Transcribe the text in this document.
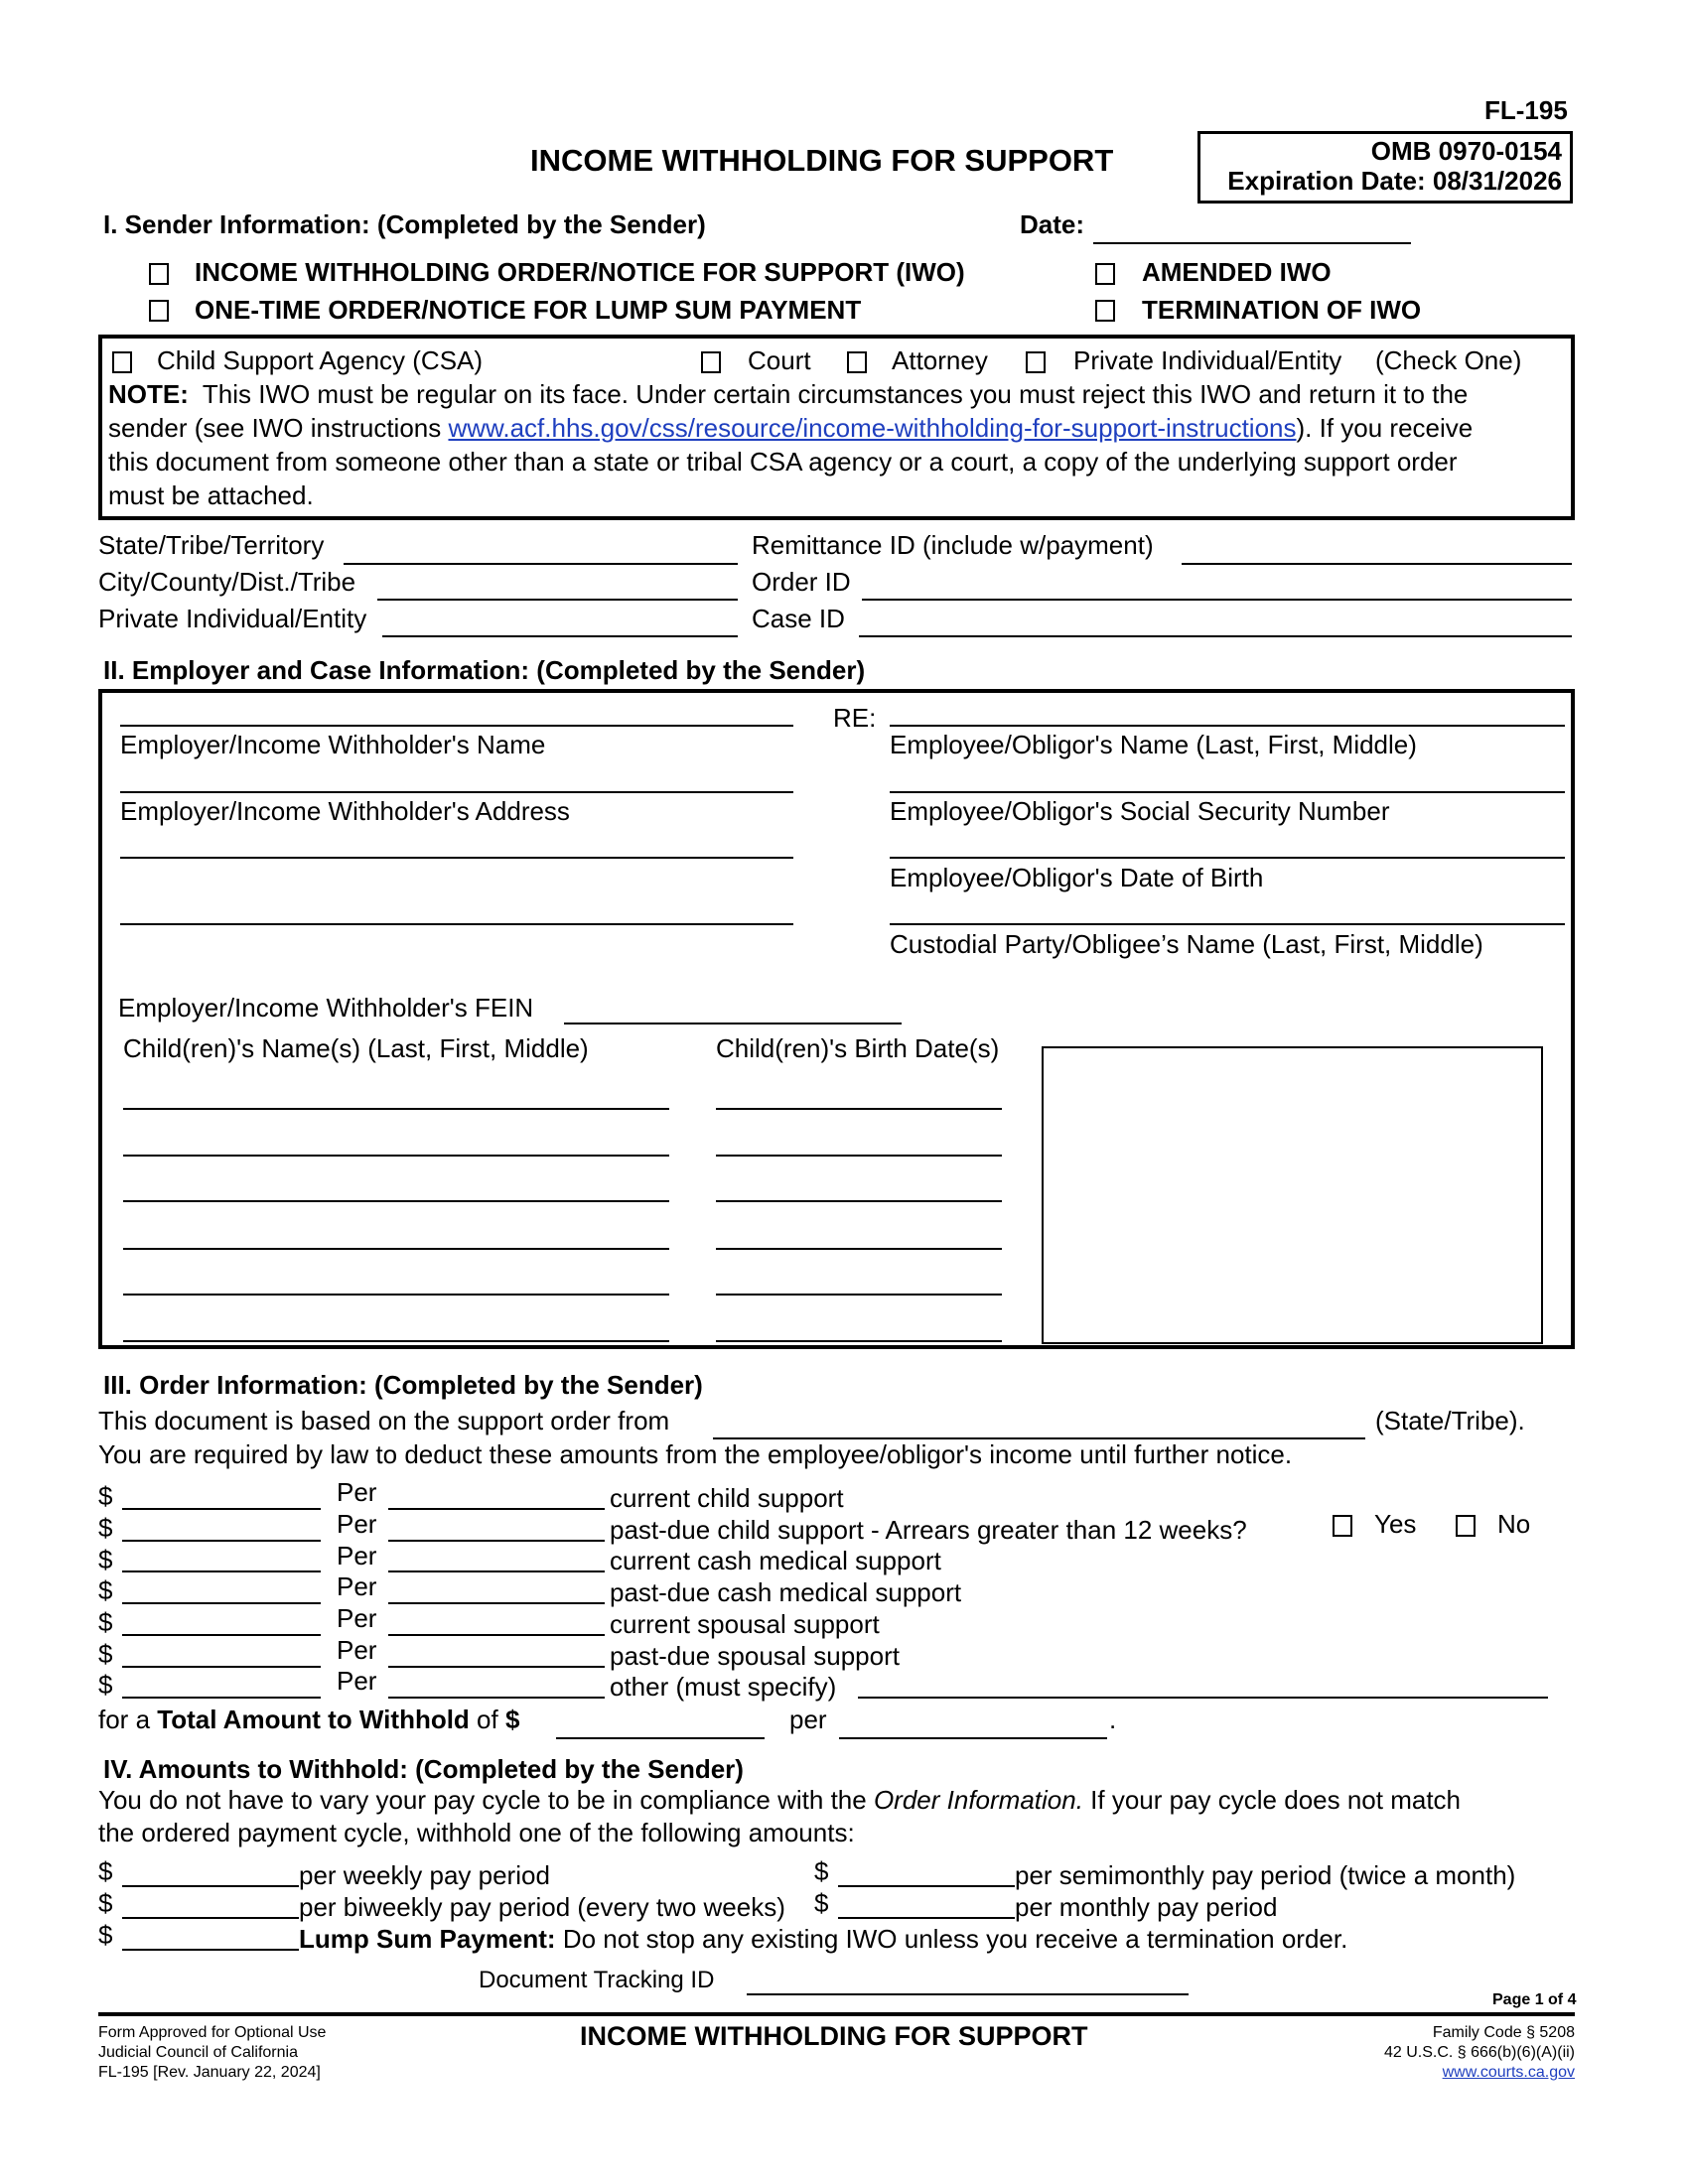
FL-195
INCOME WITHHOLDING FOR SUPPORT	OMB 0970-0154
Expiration Date: 08/31/2026
I. Sender Information: (Completed by the Sender)	Date:
INCOME WITHHOLDING ORDER/NOTICE FOR SUPPORT (IWO)
ONE-TIME ORDER/NOTICE FOR LUMP SUM PAYMENT
AMENDED IWO
TERMINATION OF IWO
Child Support Agency (CSA)	Court	Attorney	Private Individual/Entity (Check One)
NOTE: This IWO must be regular on its face. Under certain circumstances you must reject this IWO and return it to the
sender (see IWO instructions www.acf.hhs.gov/css/resource/income-withholding-for-support-instructions). If you receive
this document from someone other than a state or tribal CSA agency or a court, a copy of the underlying support order
must be attached.
State/Tribe/Territory
City/County/Dist./Tribe
Private Individual/Entity
Remittance ID (include w/payment)
Order ID
Case ID
II. Employer and Case Information: (Completed by the Sender)
Employer/Income Withholder's Name
Employer/Income Withholder's Address
RE:
Employee/Obligor's Name (Last, First, Middle)
Employee/Obligor's Social Security Number
Employee/Obligor's Date of Birth
Custodial Party/Obligee’s Name (Last, First, Middle)
Employer/Income Withholder's FEIN
Child(ren)'s Name(s) (Last, First, Middle)	Child(ren)'s Birth Date(s)
III. Order Information: (Completed by the Sender)
This document is based on the support order from	(State/Tribe).
You are required by law to deduct these amounts from the employee/obligor's income until further notice.
$	Per	current child support
$	Per	past-due child support - Arrears greater than 12 weeks?	Yes	No
$	Per	current cash medical support
$	Per	past-due cash medical support
$	Per	current spousal support
$	Per	past-due spousal support
$	Per	other (must specify)
for a Total Amount to Withhold of $	per	.
IV. Amounts to Withhold: (Completed by the Sender)
You do not have to vary your pay cycle to be in compliance with the Order Information. If your pay cycle does not match
the ordered payment cycle, withhold one of the following amounts:
$	per weekly pay period	$	per semimonthly pay period (twice a month)
$	per biweekly pay period (every two weeks) $	per monthly pay period
$	Lump Sum Payment: Do not stop any existing IWO unless you receive a termination order.
Document Tracking ID
Page 1 of 4
Form Approved for Optional Use
Judicial Council of California
FL-195 [Rev. January 22, 2024]
INCOME WITHHOLDING FOR SUPPORT	Family Code § 5208
42 U.S.C. § 666(b)(6)(A)(ii)
www.courts.ca.gov
